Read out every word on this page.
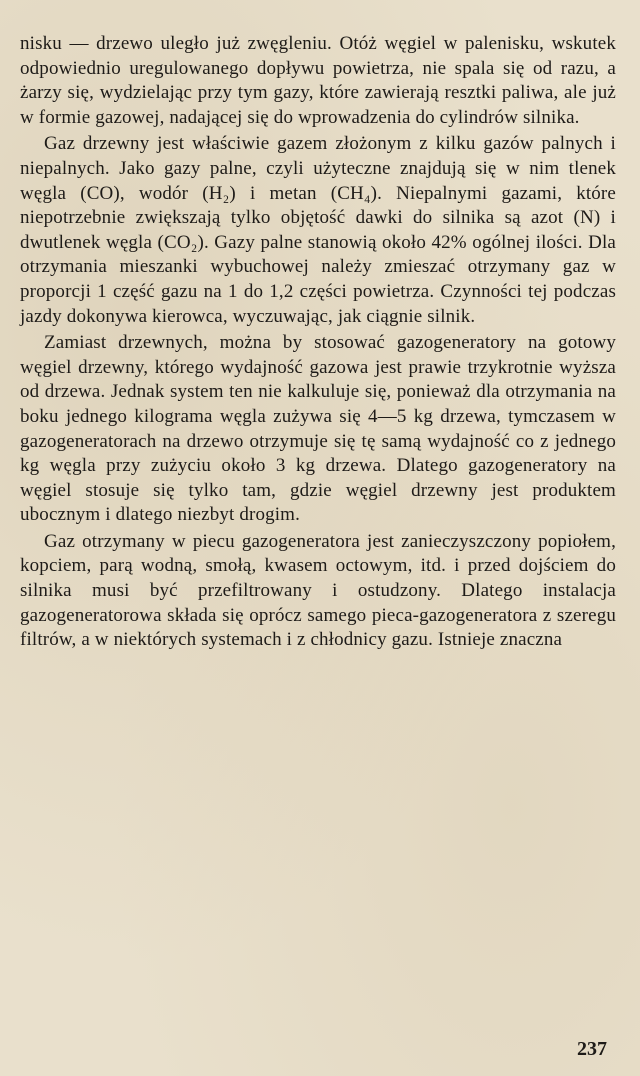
nisku — drzewo uległo już zwęgleniu. Otóż węgiel w palenisku, wskutek odpowiednio uregulowanego dopływu powietrza, nie spala się od razu, a żarzy się, wydzielając przy tym gazy, które zawierają resztki paliwa, ale już w formie gazowej, nadającej się do wprowadzenia do cylindrów silnika.

Gaz drzewny jest właściwie gazem złożonym z kilku gazów palnych i niepalnych. Jako gazy palne, czyli użyteczne znajdują się w nim tlenek węgla (CO), wodór (H₂) i metan (CH₄). Niepalnymi gazami, które niepotrzebnie zwiększają tylko objętość dawki do silnika są azot (N) i dwutlenek węgla (CO₂). Gazy palne stanowią około 42% ogólnej ilości. Dla otrzymania mieszanki wybuchowej należy zmieszać otrzymany gaz w proporcji 1 część gazu na 1 do 1,2 części powietrza. Czynności tej podczas jazdy dokonywa kierowca, wyczuwając, jak ciągnie silnik.

Zamiast drzewnych, można by stosować gazogeneratory na gotowy węgiel drzewny, którego wydajność gazowa jest prawie trzykrotnie wyższa od drzewa. Jednak system ten nie kalkuluje się, ponieważ dla otrzymania na boku jednego kilograma węgla zużywa się 4—5 kg drzewa, tymczasem w gazogeneratorach na drzewo otrzymuje się tę samą wydajność co z jednego kg węgla przy zużyciu około 3 kg drzewa. Dlatego gazogeneratory na węgiel stosuje się tylko tam, gdzie węgiel drzewny jest produktem ubocznym i dlatego niezbyt drogim.

Gaz otrzymany w piecu gazogeneratora jest zanieczyszczony popiołem, kopciem, parą wodną, smołą, kwasem octowym, itd. i przed dojściem do silnika musi być przefiltrowany i ostudzony. Dlatego instalacja gazogeneratorowa składa się oprócz samego pieca-gazogeneratora z szeregu filtrów, a w niektórych systemach i z chłodnicy gazu. Istnieje znaczna

237
